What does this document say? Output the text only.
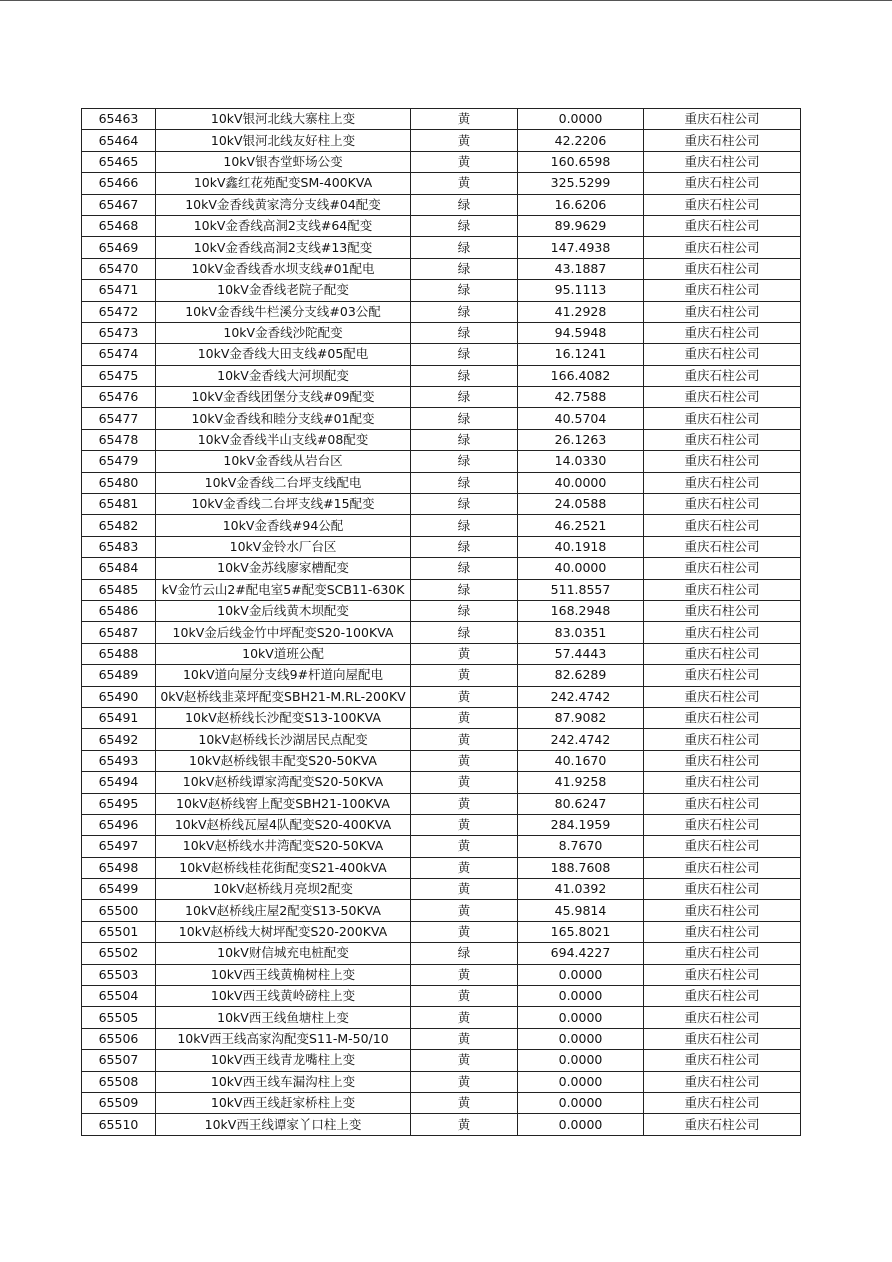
65463	10kV银河北线大寨柱上变	黄	0.0000	重庆石柱公司
65464	10kV银河北线友好柱上变	黄	42.2206	重庆石柱公司
65465	10kV银杏堂虾场公变	黄	160.6598	重庆石柱公司
65466	10kV鑫红花苑配变SM-400KVA	黄	325.5299	重庆石柱公司
65467	10kV金香线黄家湾分支线#04配变	绿	16.6206	重庆石柱公司
65468	10kV金香线高洞2支线#64配变	绿	89.9629	重庆石柱公司
65469	10kV金香线高洞2支线#13配变	绿	147.4938	重庆石柱公司
65470	10kV金香线香水坝支线#01配电	绿	43.1887	重庆石柱公司
65471	10kV金香线老院子配变	绿	95.1113	重庆石柱公司
65472	10kV金香线牛栏溪分支线#03公配	绿	41.2928	重庆石柱公司
65473	10kV金香线沙陀配变	绿	94.5948	重庆石柱公司
65474	10kV金香线大田支线#05配电	绿	16.1241	重庆石柱公司
65475	10kV金香线大河坝配变	绿	166.4082	重庆石柱公司
65476	10kV金香线团堡分支线#09配变	绿	42.7588	重庆石柱公司
65477	10kV金香线和睦分支线#01配变	绿	40.5704	重庆石柱公司
65478	10kV金香线半山支线#08配变	绿	26.1263	重庆石柱公司
65479	10kV金香线从岩台区	绿	14.0330	重庆石柱公司
65480	10kV金香线二台坪支线配电	绿	40.0000	重庆石柱公司
65481	10kV金香线二台坪支线#15配变	绿	24.0588	重庆石柱公司
65482	10kV金香线#94公配	绿	46.2521	重庆石柱公司
65483	10kV金铃水厂台区	绿	40.1918	重庆石柱公司
65484	10kV金苏线廖家槽配变	绿	40.0000	重庆石柱公司
65485	kV金竹云山2#配电室5#配变SCB11-630K	绿	511.8557	重庆石柱公司
65486	10kV金后线黄木坝配变	绿	168.2948	重庆石柱公司
65487	10kV金后线金竹中坪配变S20-100KVA	绿	83.0351	重庆石柱公司
65488	10kV道班公配	黄	57.4443	重庆石柱公司
65489	10kV道向屋分支线9#杆道向屋配电	黄	82.6289	重庆石柱公司
65490	0kV赵桥线韭菜坪配变SBH21-M.RL-200KV	黄	242.4742	重庆石柱公司
65491	10kV赵桥线长沙配变S13-100KVA	黄	87.9082	重庆石柱公司
65492	10kV赵桥线长沙湖居民点配变	黄	242.4742	重庆石柱公司
65493	10kV赵桥线银丰配变S20-50KVA	黄	40.1670	重庆石柱公司
65494	10kV赵桥线谭家湾配变S20-50KVA	黄	41.9258	重庆石柱公司
65495	10kV赵桥线窖上配变SBH21-100KVA	黄	80.6247	重庆石柱公司
65496	10kV赵桥线瓦屋4队配变S20-400KVA	黄	284.1959	重庆石柱公司
65497	10kV赵桥线水井湾配变S20-50KVA	黄	8.7670	重庆石柱公司
65498	10kV赵桥线桂花街配变S21-400kVA	黄	188.7608	重庆石柱公司
65499	10kV赵桥线月亮坝2配变	黄	41.0392	重庆石柱公司
65500	10kV赵桥线庄屋2配变S13-50KVA	黄	45.9814	重庆石柱公司
65501	10kV赵桥线大树坪配变S20-200KVA	黄	165.8021	重庆石柱公司
65502	10kV财信城充电桩配变	绿	694.4227	重庆石柱公司
65503	10kV西王线黄桷树柱上变	黄	0.0000	重庆石柱公司
65504	10kV西王线黄岭磅柱上变	黄	0.0000	重庆石柱公司
65505	10kV西王线鱼塘柱上变	黄	0.0000	重庆石柱公司
65506	10kV西王线高家沟配变S11-M-50/10	黄	0.0000	重庆石柱公司
65507	10kV西王线青龙嘴柱上变	黄	0.0000	重庆石柱公司
65508	10kV西王线车漏沟柱上变	黄	0.0000	重庆石柱公司
65509	10kV西王线赶家桥柱上变	黄	0.0000	重庆石柱公司
65510	10kV西王线谭家丫口柱上变	黄	0.0000	重庆石柱公司
